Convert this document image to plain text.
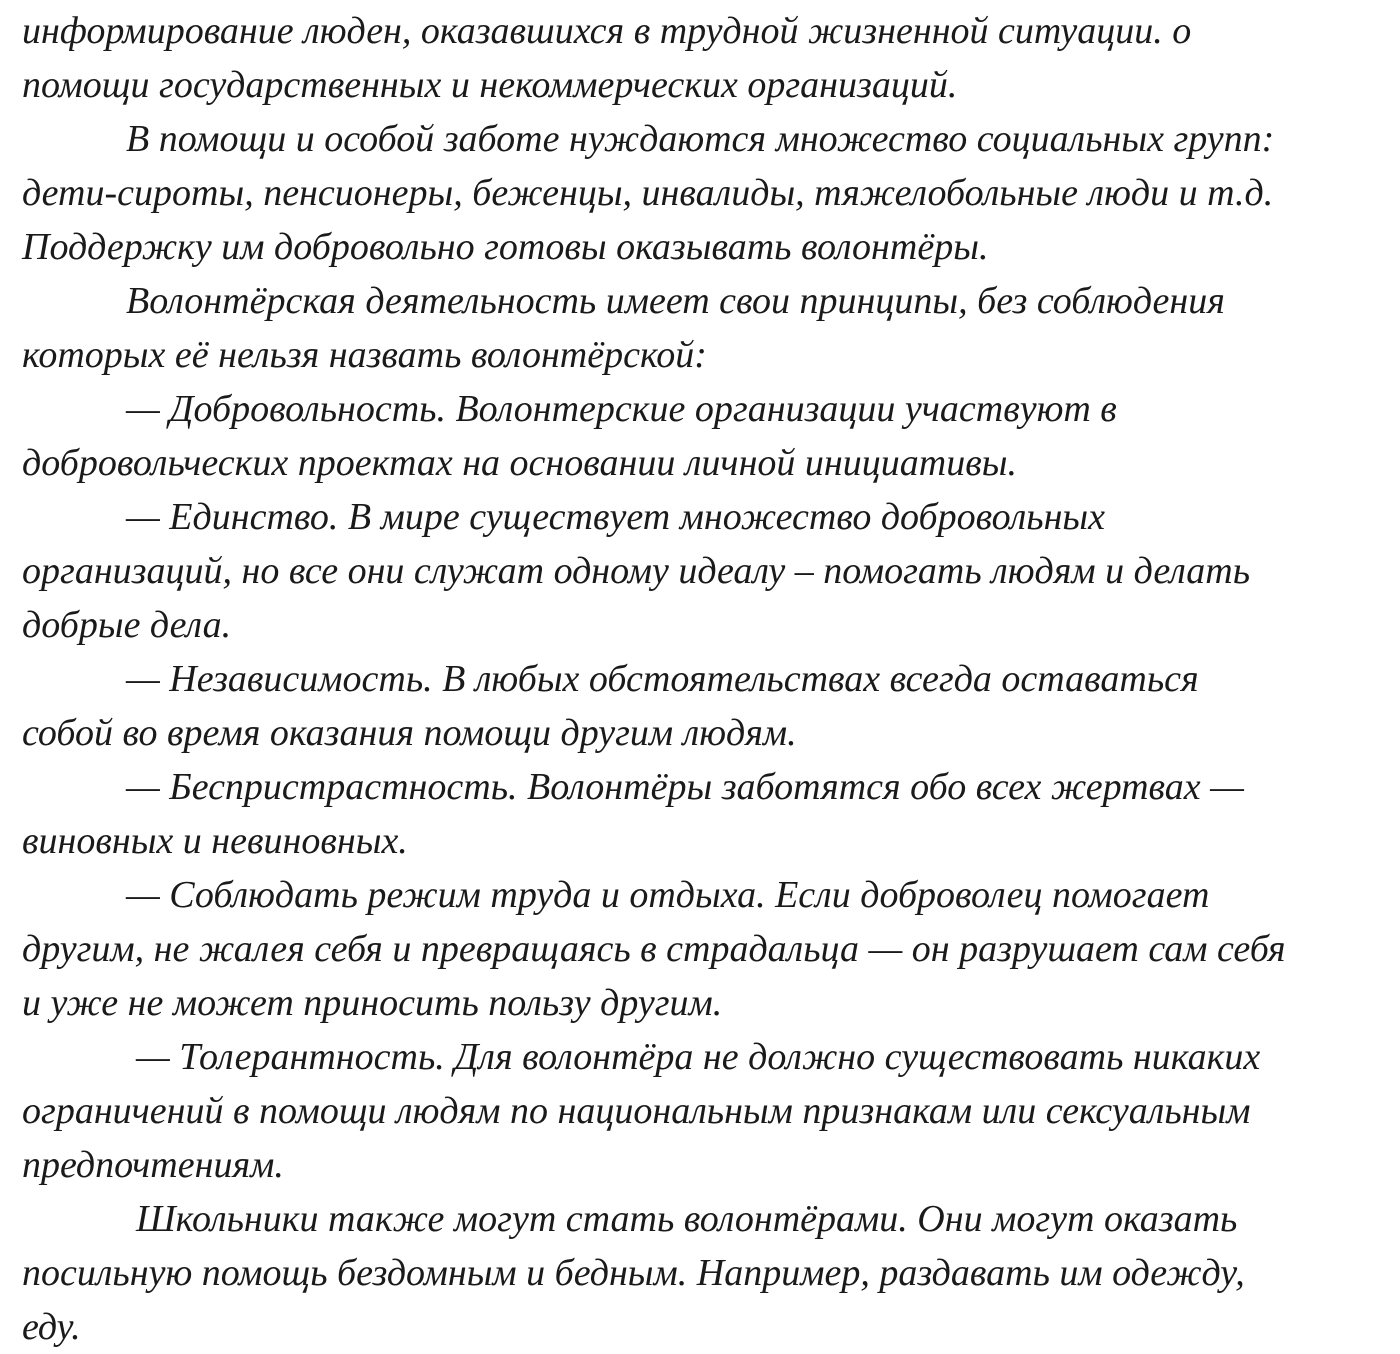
информирование люден, оказавшихся в трудной жизненной ситуации. о
помощи государственных и некоммерческих организаций.
В помощи и особой заботе нуждаются множество социальных групп:
дети-сироты, пенсионеры, беженцы, инвалиды, тяжелобольные люди и т.д.
Поддержку им добровольно готовы оказывать волонтёры.
Волонтёрская деятельность имеет свои принципы, без соблюдения
которых её нельзя назвать волонтёрской:
— Добровольность. Волонтерские организации участвуют в
добровольческих проектах на основании личной инициативы.
— Единство. В мире существует множество добровольных
организаций, но все они служат одному идеалу – помогать людям и делать
добрые дела.
— Независимость. В любых обстоятельствах всегда оставаться
собой во время оказания помощи другим людям.
— Беспристрастность. Волонтёры заботятся обо всех жертвах —
виновных и невиновных.
— Соблюдать режим труда и отдыха. Если доброволец помогает
другим, не жалея себя и превращаясь в страдальца — он разрушает сам себя
и уже не может приносить пользу другим.
— Толерантность. Для волонтёра не должно существовать никаких
ограничений в помощи людям по национальным признакам или сексуальным
предпочтениям.
Школьники также могут стать волонтёрами. Они могут оказать
посильную помощь бездомным и бедным. Например, раздавать им одежду,
еду.
